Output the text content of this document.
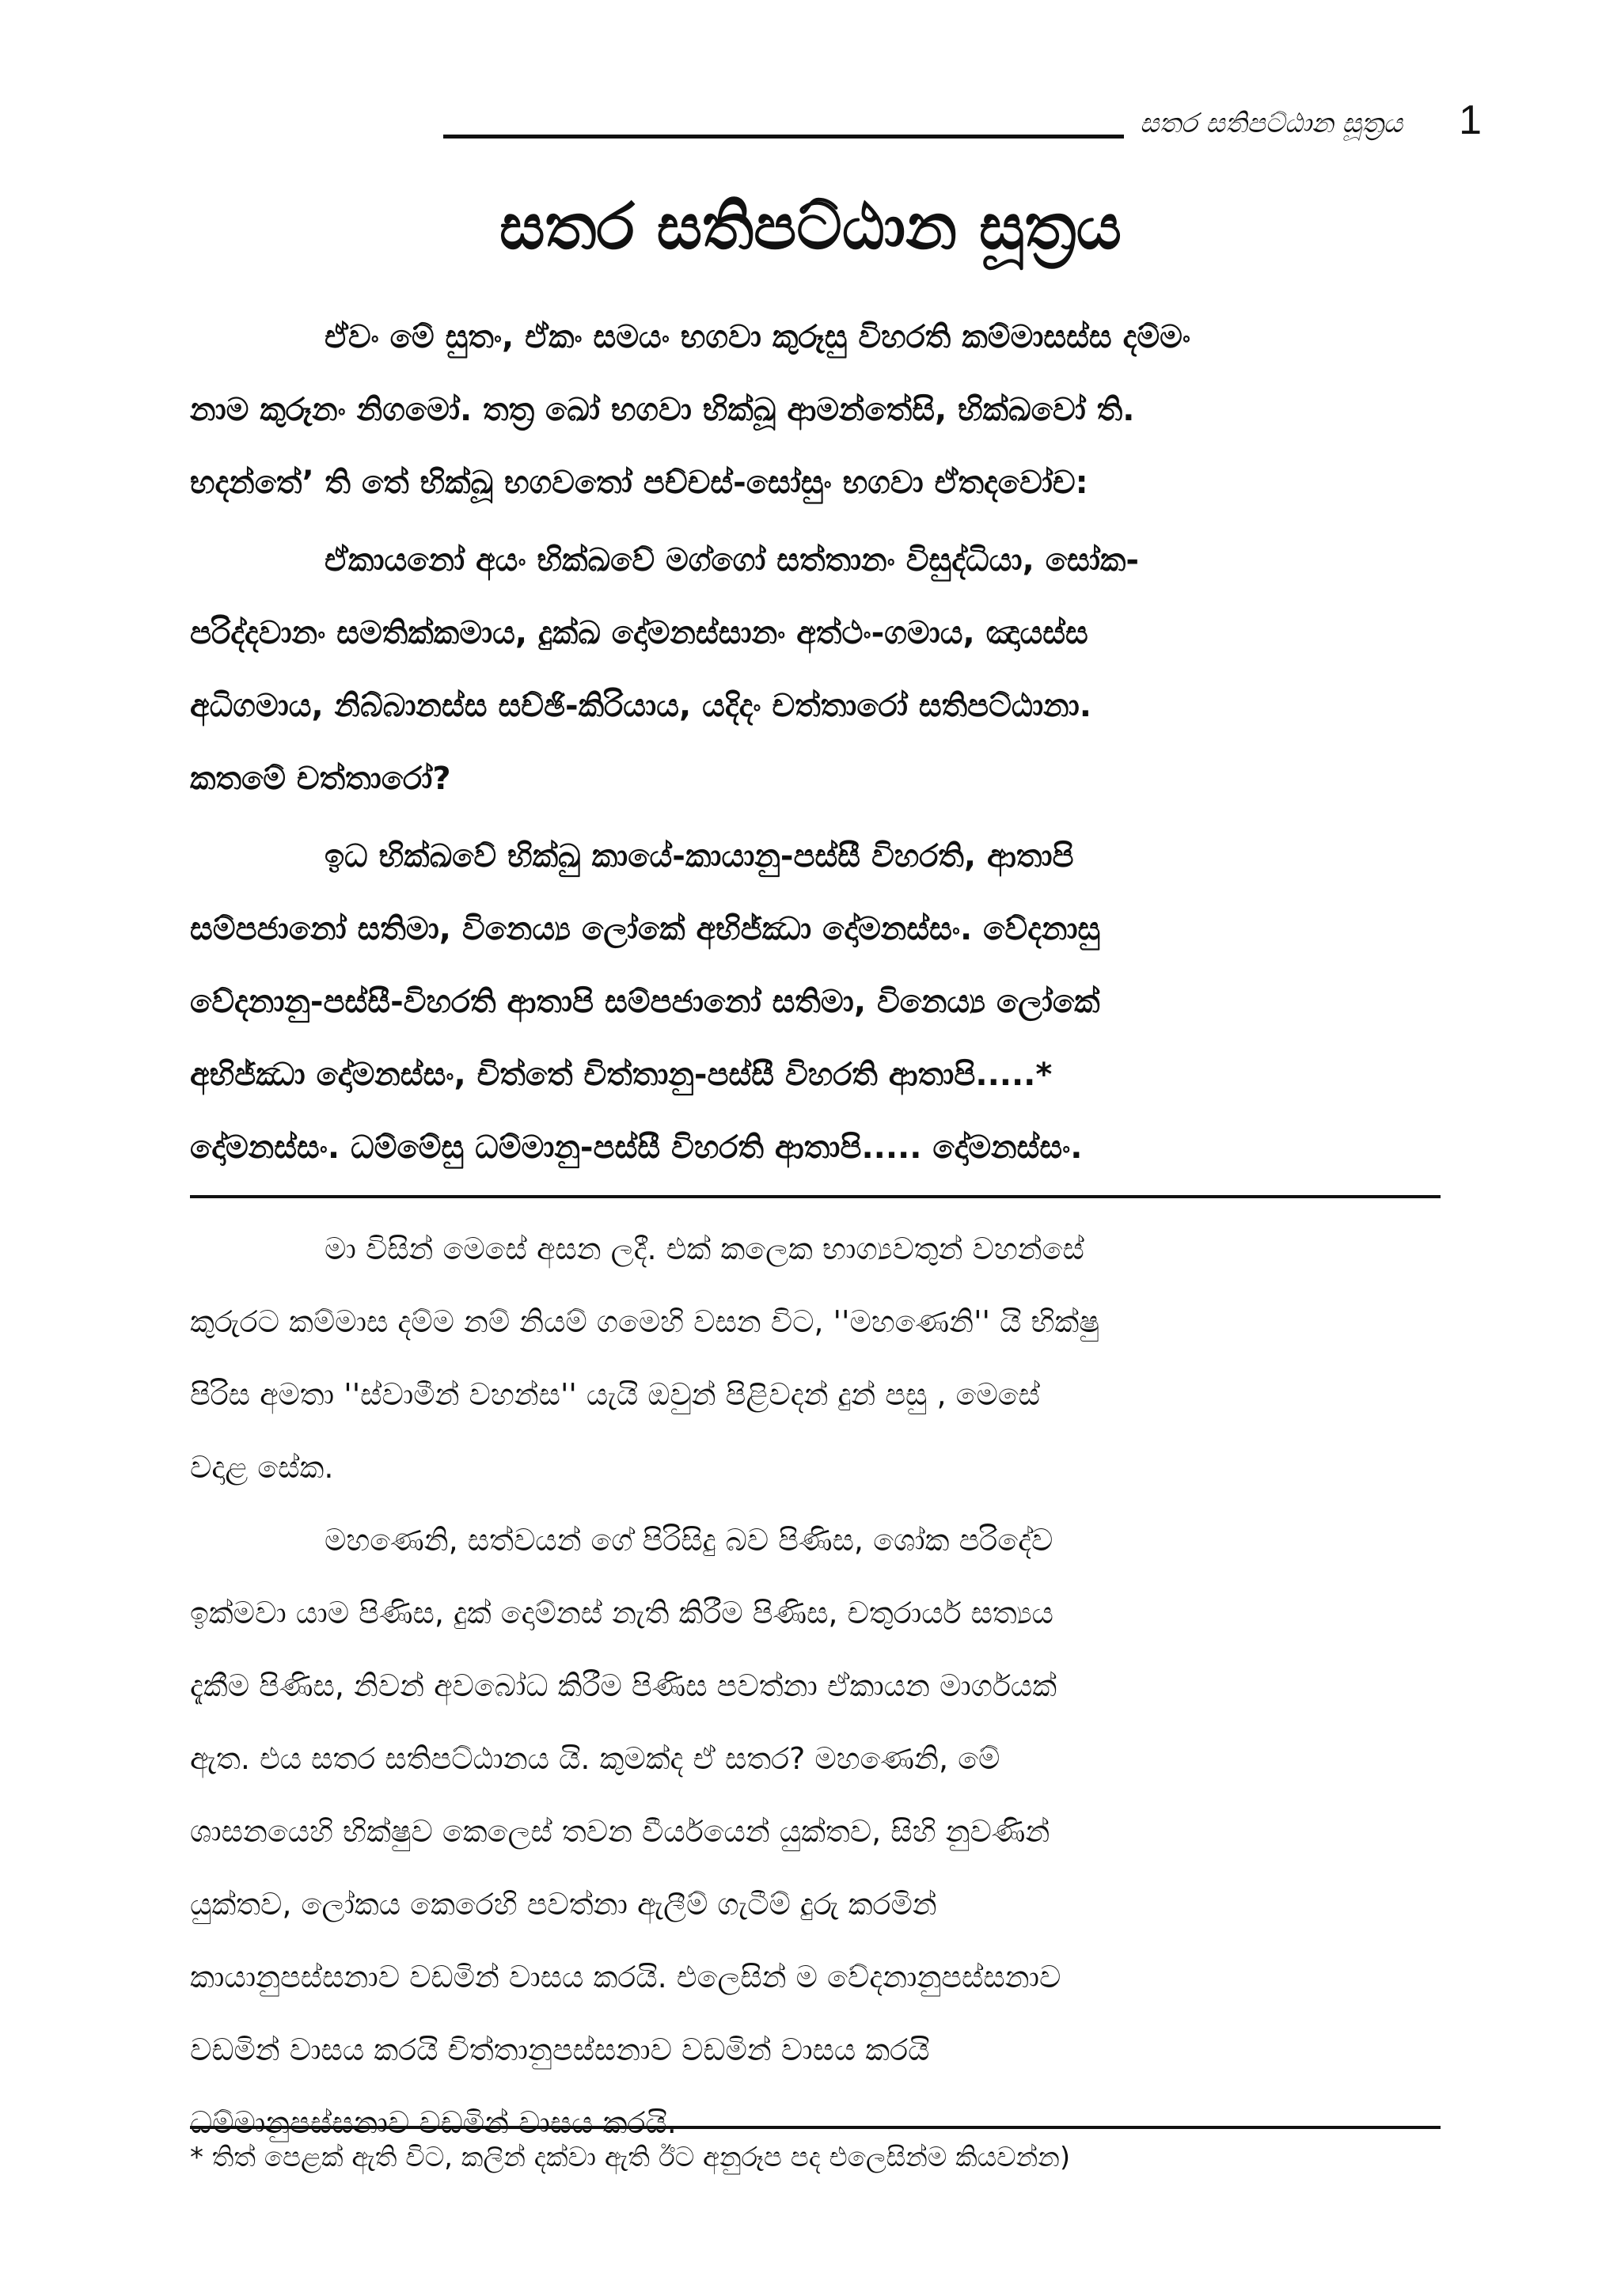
සතර සතිපට්ඨාන සූත්‍රය 1
සතර සතිපට්ඨාන සූත්‍රය

ඒවං මේ සුතං, ඒකං සමයං භගවා කුරූසු විහරති කම්මාසස්ස දම්මං

නාම කුරූනං නිගමෝ. තත්‍ර ඛෝ භගවා භික්ඛූ ආමන්තේසි, භික්ඛවෝ ති.

භදන්තේ’ ති තේ භික්ඛූ භගවතෝ පච්චස්-සෝසුං භගවා ඒතදවෝච:

ඒකායනෝ අයං භික්ඛවේ මග්ගෝ සත්තානං විසුද්ධියා, සෝක-

පරිද්දවානං සමතික්කමාය, දුක්ඛ දෝමනස්සානං අත්ථං-ගමාය, ඤායස්ස

අධිගමාය, නිබ්බානස්ස සච්ඡි-කිරියාය, යදිදං චත්තාරෝ සතිපට්ඨානා.

කතමේ චත්තාරෝ?

ඉධ භික්ඛවේ භික්ඛු කායේ-කායානු-පස්සී විහරති, ආතාපි

සම්පජානෝ සතිමා, විනෙය්‍ය ලෝකේ අභිජ්ඣා දෝමනස්සං. වේදනාසු

වේදනානු-පස්සී-විහරති ආතාපි සම්පජානෝ සතිමා, විනෙය්‍ය ලෝකේ

අභිජ්ඣා දෝමනස්සං, චිත්තේ චිත්තානු-පස්සී විහරති ආතාපි.....*

දෝමනස්සං. ධම්මේසු ධම්මානු-පස්සී විහරති ආතාපි..... දෝමනස්සං.

මා විසින් මෙසේ අසන ලදී. එක් කලෙක භාග්‍යවතුන් වහන්සේ

කුරුරට කම්මාස දම්ම නම් නියම් ගමෙහි වසන විට, ''මහණෙනි'' යි භික්ෂු

පිරිස අමතා ''ස්වාමීන් වහන්ස'' යැයි ඔවුන් පිළිවදන් දුන් පසු , මෙසේ

වදාළ සේක.

මහණෙනි, සත්වයන් ගේ පිරිසිදු බව පිණිස, ශෝක පරිදේව

ඉක්මවා යාම පිණිස, දුක් දොම්නස් නැති කිරීම පිණිස, චතුරාර්ය සත්‍යය

දැකීම පිණිස, නිවන් අවබෝධ කිරීම පිණිස පවත්නා ඒකායන මාර්ගයක්

ඇත. එය සතර සතිපට්ඨානය යි. කුමක්ද ඒ සතර? මහණෙනි, මේ

ශාසනයෙහි භික්ෂුව කෙලෙස් තවන වීර්යයෙන් යුක්තව, සිහි නුවණින්

යුක්තව, ලෝකය කෙරෙහි පවත්නා ඇලීම් ගැටීම් දුරු කරමින්

කායානුපස්සනාව වඩමින් වාසය කරයි. එලෙසින් ම වේදනානුපස්සනාව

වඩමින් වාසය කරයි චිත්තානුපස්සනාව වඩමින් වාසය කරයි

ධම්මානුපස්සනාව වඩමින් වාසය කරයි.

* තිත් පෙළක් ඇති විට, කලින් දක්වා ඇති ඊට අනුරූප පද එලෙසින්ම කියවන්න)
